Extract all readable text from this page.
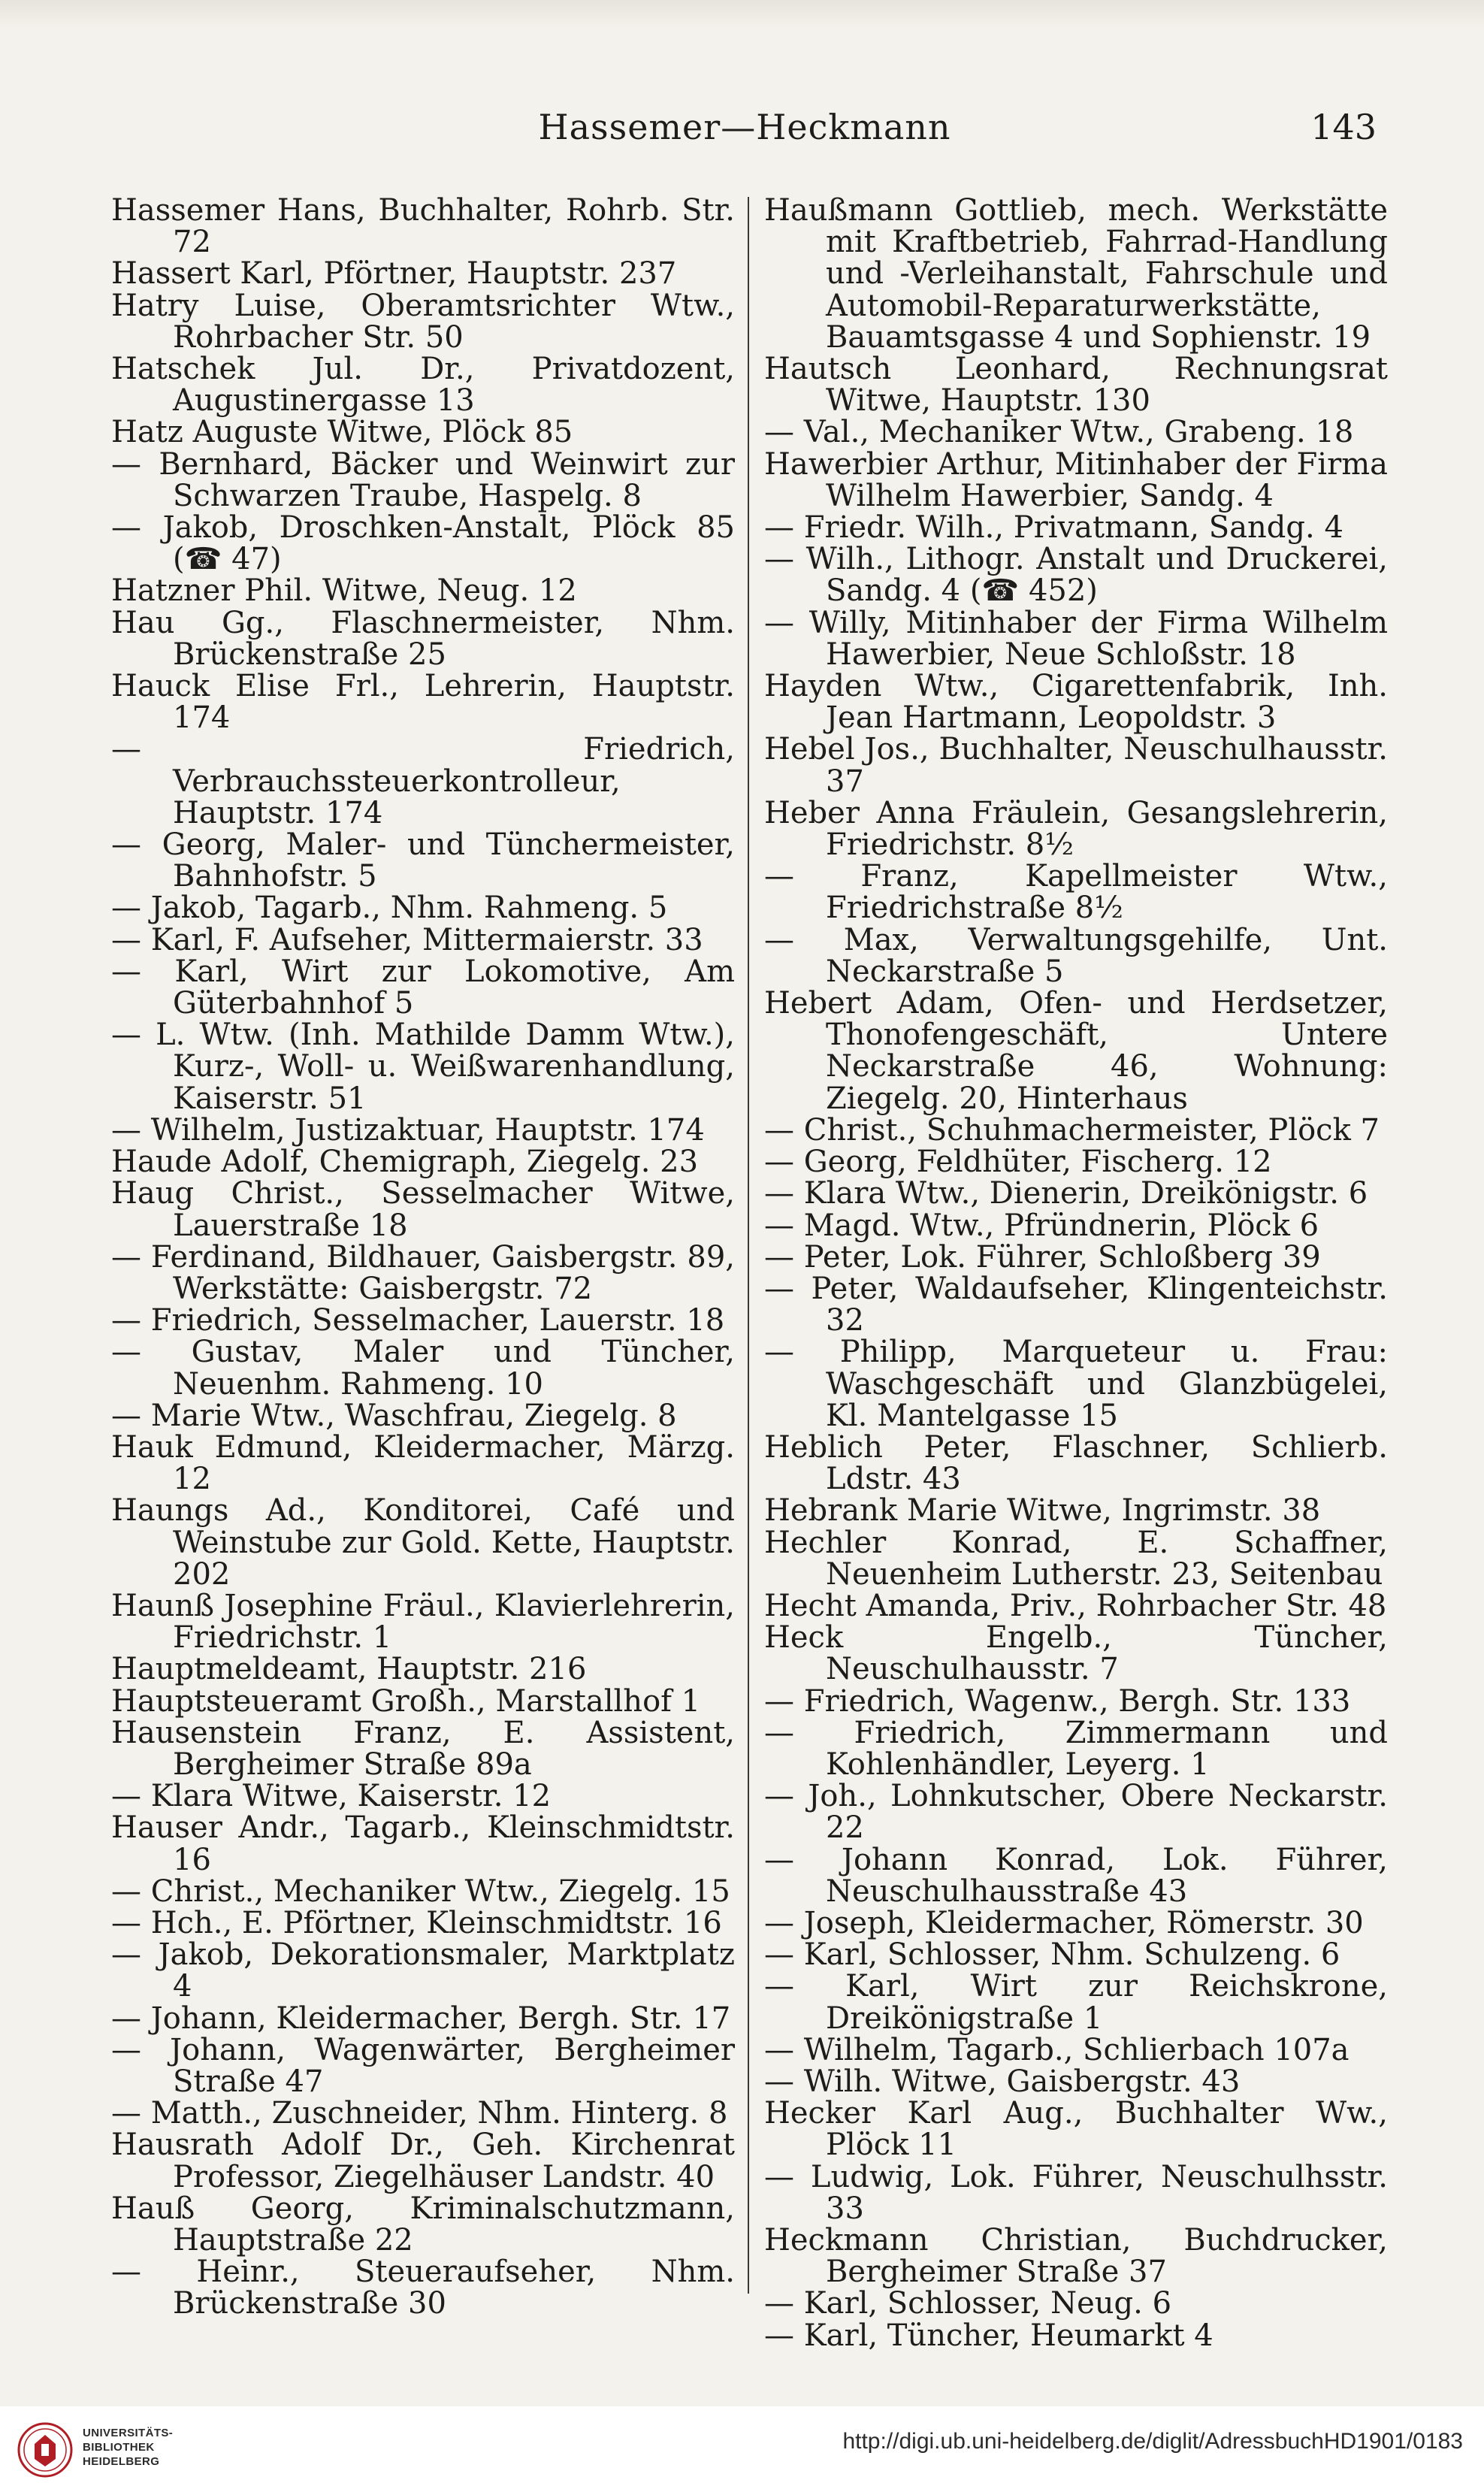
Hassemer—Heckmann	143

Hassemer Hans, Buchhalter, Rohrb. Str. 72

Hassert Karl, Pförtner, Hauptstr. 237

Hatry Luise, Oberamtsrichter Wtw., Rohrbacher Str. 50

Hatschek Jul. Dr., Privatdozent, Augustinergasse 13

Hatz Auguste Witwe, Plöck 85

— Bernhard, Bäcker und Weinwirt zur Schwarzen Traube, Haspelg. 8

— Jakob, Droschken-Anstalt, Plöck 85 (☎ 47)

Hatzner Phil. Witwe, Neug. 12

Hau Gg., Flaschnermeister, Nhm. Brückenstraße 25

Hauck Elise Frl., Lehrerin, Hauptstr. 174

— Friedrich, Verbrauchssteuerkontrolleur, Hauptstr. 174

— Georg, Maler- und Tünchermeister, Bahnhofstr. 5

— Jakob, Tagarb., Nhm. Rahmeng. 5

— Karl, F. Aufseher, Mittermaierstr. 33

— Karl, Wirt zur Lokomotive, Am Güterbahnhof 5

— L. Wtw. (Inh. Mathilde Damm Wtw.), Kurz-, Woll- u. Weißwarenhandlung, Kaiserstr. 51

— Wilhelm, Justizaktuar, Hauptstr. 174

Haude Adolf, Chemigraph, Ziegelg. 23

Haug Christ., Sesselmacher Witwe, Lauerstraße 18

— Ferdinand, Bildhauer, Gaisbergstr. 89, Werkstätte: Gaisbergstr. 72

— Friedrich, Sesselmacher, Lauerstr. 18

— Gustav, Maler und Tüncher, Neuenhm. Rahmeng. 10

— Marie Wtw., Waschfrau, Ziegelg. 8

Hauk Edmund, Kleidermacher, Märzg. 12

Haungs Ad., Konditorei, Café und Weinstube zur Gold. Kette, Hauptstr. 202

Haunß Josephine Fräul., Klavierlehrerin, Friedrichstr. 1

Hauptmeldeamt, Hauptstr. 216

Hauptsteueramt Großh., Marstallhof 1

Hausenstein Franz, E. Assistent, Bergheimer Straße 89a

— Klara Witwe, Kaiserstr. 12

Hauser Andr., Tagarb., Kleinschmidtstr. 16

— Christ., Mechaniker Wtw., Ziegelg. 15

— Hch., E. Pförtner, Kleinschmidtstr. 16

— Jakob, Dekorationsmaler, Marktplatz 4

— Johann, Kleidermacher, Bergh. Str. 17

— Johann, Wagenwärter, Bergheimer Straße 47

— Matth., Zuschneider, Nhm. Hinterg. 8

Hausrath Adolf Dr., Geh. Kirchenrat Professor, Ziegelhäuser Landstr. 40

Hauß Georg, Kriminalschutzmann, Hauptstraße 22

— Heinr., Steueraufseher, Nhm. Brückenstraße 30

Haußmann Gottlieb, mech. Werkstätte mit Kraftbetrieb, Fahrrad-Handlung und -Verleihanstalt, Fahrschule und Automobil-Reparaturwerkstätte, Bauamtsgasse 4 und Sophienstr. 19

Hautsch Leonhard, Rechnungsrat Witwe, Hauptstr. 130

— Val., Mechaniker Wtw., Grabeng. 18

Hawerbier Arthur, Mitinhaber der Firma Wilhelm Hawerbier, Sandg. 4

— Friedr. Wilh., Privatmann, Sandg. 4

— Wilh., Lithogr. Anstalt und Druckerei, Sandg. 4 (☎ 452)

— Willy, Mitinhaber der Firma Wilhelm Hawerbier, Neue Schloßstr. 18

Hayden Wtw., Cigarettenfabrik, Inh. Jean Hartmann, Leopoldstr. 3

Hebel Jos., Buchhalter, Neuschulhausstr. 37

Heber Anna Fräulein, Gesangslehrerin, Friedrichstr. 8½

— Franz, Kapellmeister Wtw., Friedrichstraße 8½

— Max, Verwaltungsgehilfe, Unt. Neckarstraße 5

Hebert Adam, Ofen- und Herdsetzer, Thonofengeschäft, Untere Neckarstraße 46, Wohnung: Ziegelg. 20, Hinterhaus

— Christ., Schuhmachermeister, Plöck 7

— Georg, Feldhüter, Fischerg. 12

— Klara Wtw., Dienerin, Dreikönigstr. 6

— Magd. Wtw., Pfründnerin, Plöck 6

— Peter, Lok. Führer, Schloßberg 39

— Peter, Waldaufseher, Klingenteichstr. 32

— Philipp, Marqueteur u. Frau: Waschgeschäft und Glanzbügelei, Kl. Mantelgasse 15

Heblich Peter, Flaschner, Schlierb. Ldstr. 43

Hebrank Marie Witwe, Ingrimstr. 38

Hechler Konrad, E. Schaffner, Neuenheim Lutherstr. 23, Seitenbau

Hecht Amanda, Priv., Rohrbacher Str. 48

Heck Engelb., Tüncher, Neuschulhausstr. 7

— Friedrich, Wagenw., Bergh. Str. 133

— Friedrich, Zimmermann und Kohlenhändler, Leyerg. 1

— Joh., Lohnkutscher, Obere Neckarstr. 22

— Johann Konrad, Lok. Führer, Neuschulhausstraße 43

— Joseph, Kleidermacher, Römerstr. 30

— Karl, Schlosser, Nhm. Schulzeng. 6

— Karl, Wirt zur Reichskrone, Dreikönigstraße 1

— Wilhelm, Tagarb., Schlierbach 107a

— Wilh. Witwe, Gaisbergstr. 43

Hecker Karl Aug., Buchhalter Ww., Plöck 11

— Ludwig, Lok. Führer, Neuschulhsstr. 33

Heckmann Christian, Buchdrucker, Bergheimer Straße 37

— Karl, Schlosser, Neug. 6

— Karl, Tüncher, Heumarkt 4

UNIVERSITÄTS-
BIBLIOTHEK
HEIDELBERG
http://digi.ub.uni-heidelberg.de/diglit/AdressbuchHD1901/0183
